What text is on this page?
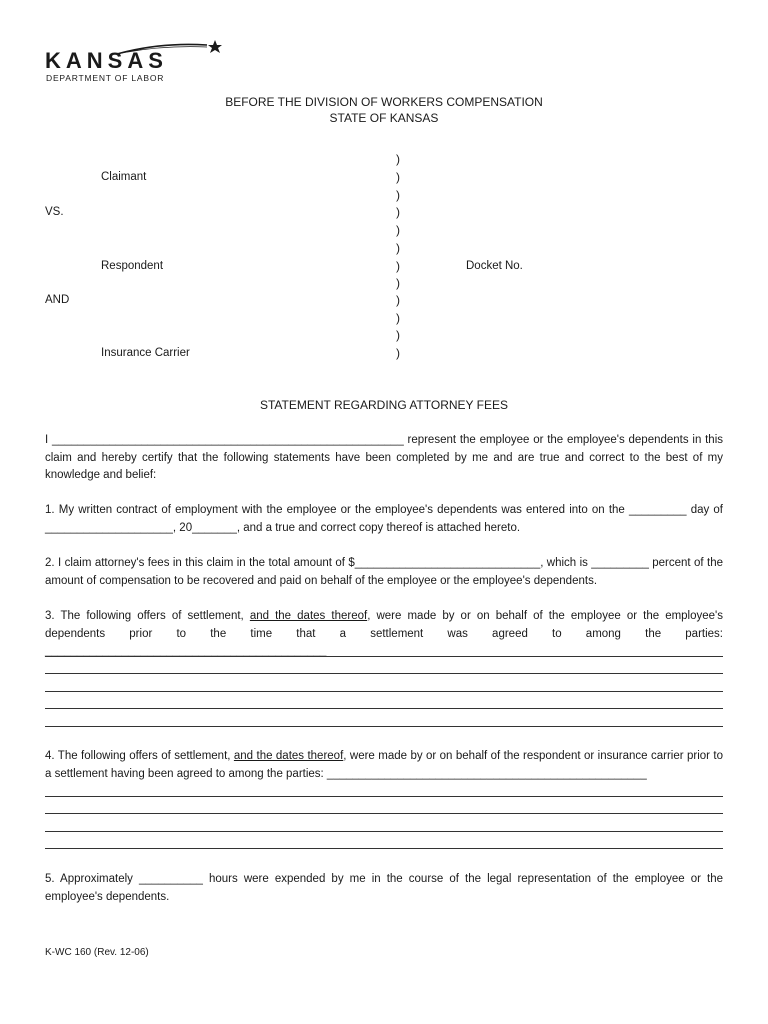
KANSAS
DEPARTMENT OF LABOR
BEFORE THE DIVISION OF WORKERS COMPENSATION
STATE OF KANSAS
Claimant
VS.
Respondent
AND
Insurance Carrier
Docket No.
)
)
)
)
)
)
)
)
)
)
)
)
STATEMENT REGARDING ATTORNEY FEES
I _______________________________________________________ represent the employee or the employee's dependents in this claim and hereby certify that the following statements have been completed by me and are true and correct to the best of my knowledge and belief:
1. My written contract of employment with the employee or the employee's dependents was entered into on the _________ day of ____________________, 20_______, and a true and correct copy thereof is attached hereto.
2. I claim attorney's fees in this claim in the total amount of $_____________________________, which is _________ percent of the amount of compensation to be recovered and paid on behalf of the employee or the employee's dependents.
3. The following offers of settlement, and the dates thereof, were made by or on behalf of the employee or the employee's dependents prior to the time that a settlement was agreed to among the parties: ____________________________________________
4. The following offers of settlement, and the dates thereof, were made by or on behalf of the respondent or insurance carrier prior to a settlement having been agreed to among the parties: __________________________________________________
5. Approximately __________ hours were expended by me in the course of the legal representation of the employee or the employee's dependents.
K-WC 160 (Rev. 12-06)
